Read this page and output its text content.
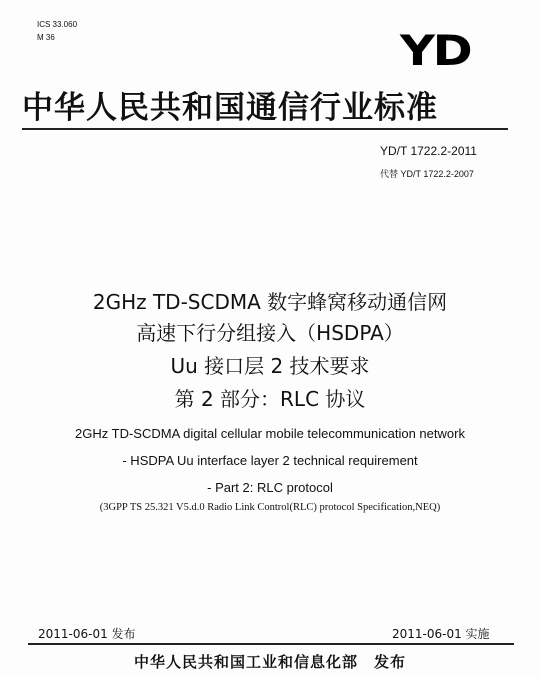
ICS 33.060
M 36	YD
中华人民共和国通信行业标准
YD/T 1722.2-2011
代替 YD/T 1722.2-2007
2GHz TD-SCDMA 数字蜂窝移动通信网
高速下行分组接入（HSDPA）
Uu 接口层 2 技术要求
第 2 部分：RLC 协议
2GHz TD-SCDMA digital cellular mobile telecommunication network
- HSDPA Uu interface layer 2 technical requirement
- Part 2: RLC protocol
(3GPP TS 25.321 V5.d.0 Radio Link Control(RLC) protocol Specification,NEQ)
2011-06-01 发布	2011-06-01 实施
中华人民共和国工业和信息化部　发布
